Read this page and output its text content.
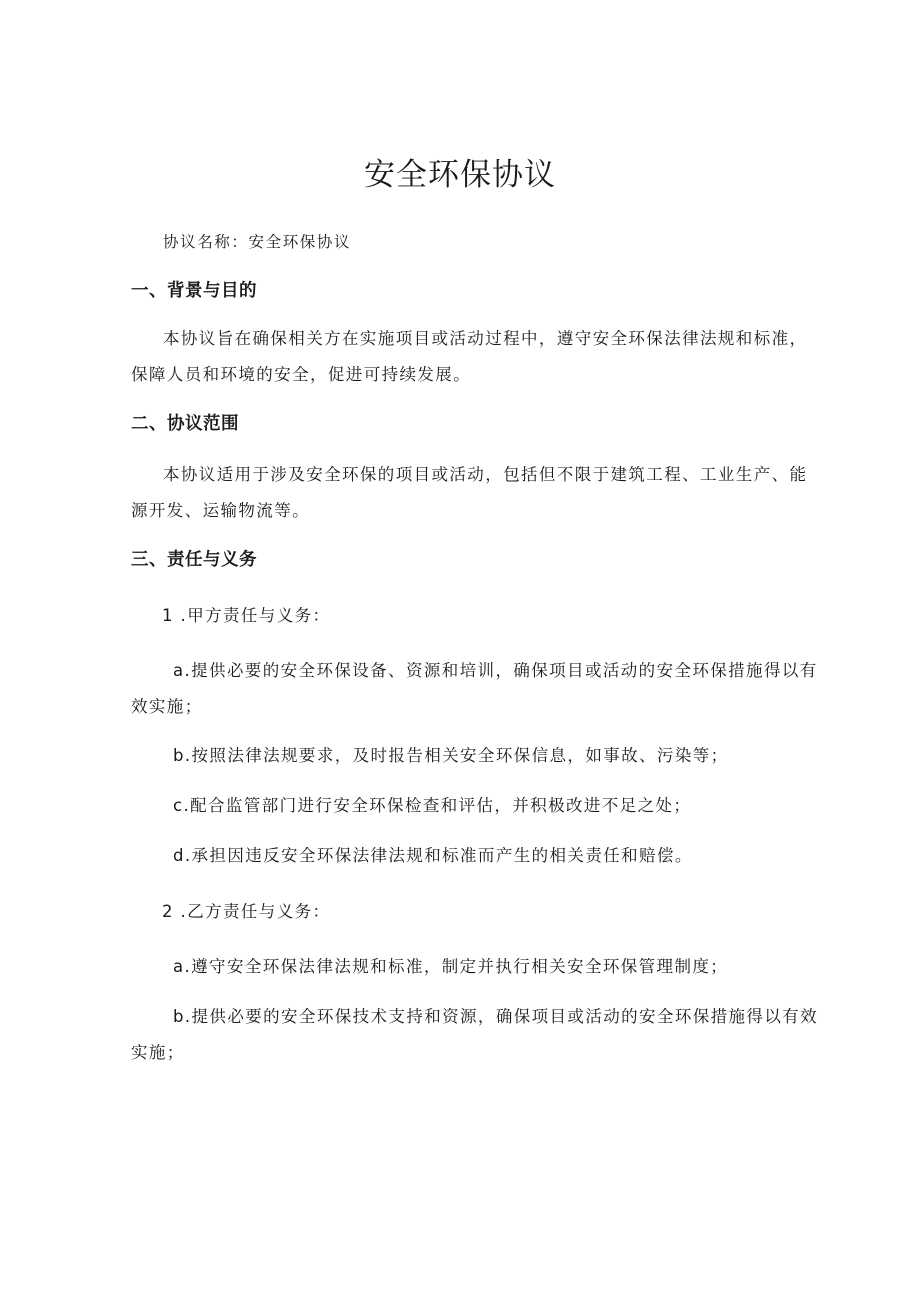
安全环保协议

协议名称：安全环保协议

一、背景与目的

本协议旨在确保相关方在实施项目或活动过程中，遵守安全环保法律法规和标准，

保障人员和环境的安全，促进可持续发展。

二、协议范围

本协议适用于涉及安全环保的项目或活动，包括但不限于建筑工程、工业生产、能

源开发、运输物流等。

三、责任与义务

1 .甲方责任与义务：

a.提供必要的安全环保设备、资源和培训，确保项目或活动的安全环保措施得以有

效实施；

b.按照法律法规要求，及时报告相关安全环保信息，如事故、污染等；

c.配合监管部门进行安全环保检查和评估，并积极改进不足之处；

d.承担因违反安全环保法律法规和标准而产生的相关责任和赔偿。

2 .乙方责任与义务：

a.遵守安全环保法律法规和标准，制定并执行相关安全环保管理制度；

b.提供必要的安全环保技术支持和资源，确保项目或活动的安全环保措施得以有效

实施；
